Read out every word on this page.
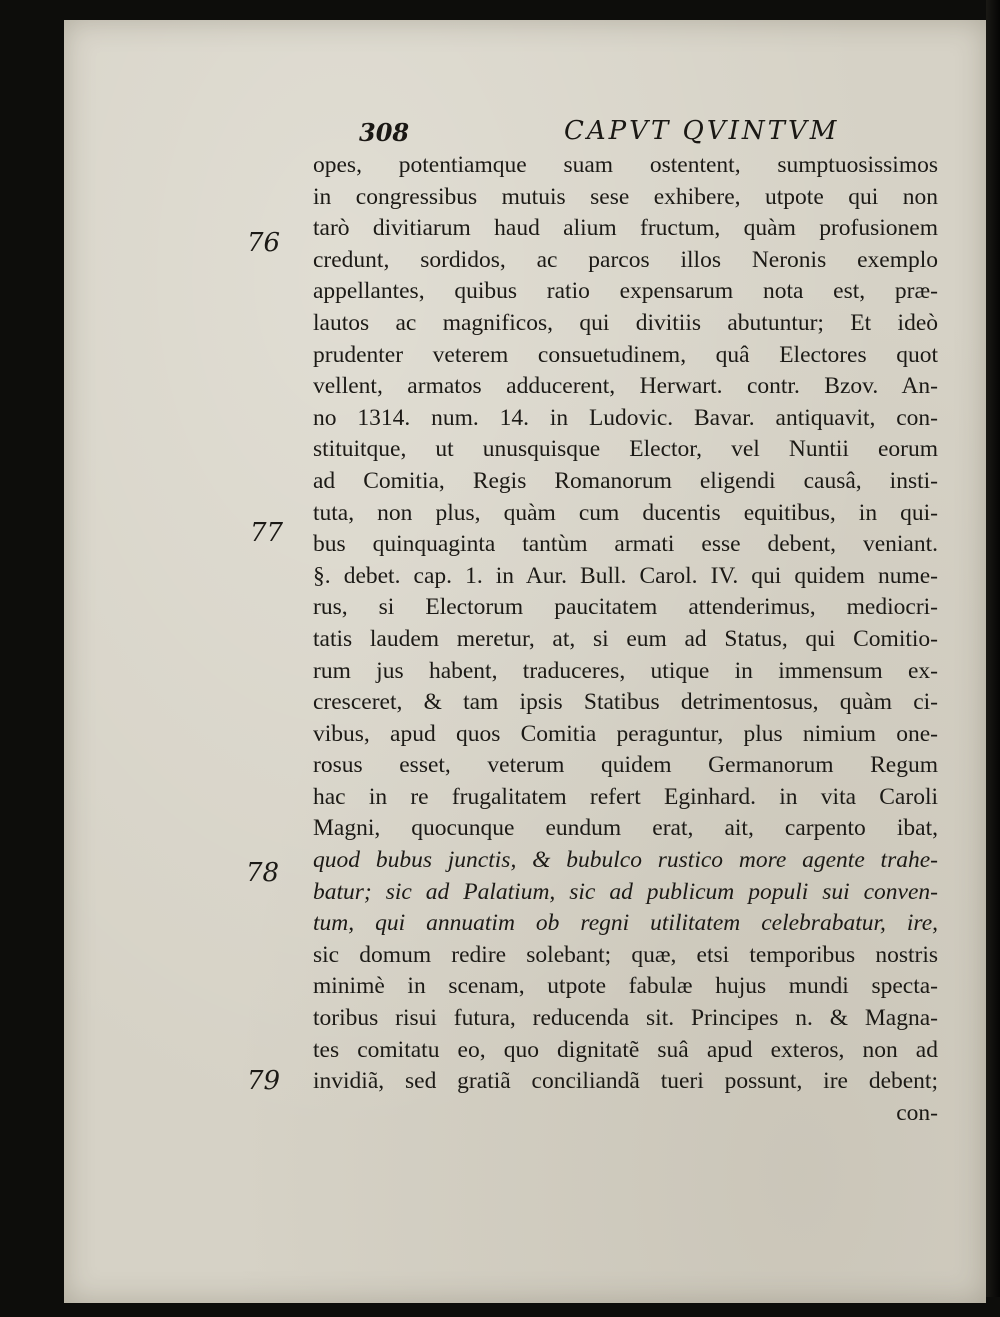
308	CAPVT QVINTVM
76
77
78
79
opes, potentiamque suam ostentent, sumptuosissimos
in congressibus mutuis sese exhibere, utpote qui non
tarò divitiarum haud alium fructum, quàm profusionem
credunt, sordidos, ac parcos illos Neronis exemplo
appellantes, quibus ratio expensarum nota est, præ-
lautos ac magnificos, qui divitiis abutuntur; Et ideò
prudenter veterem consuetudinem, quâ Electores quot
vellent, armatos adducerent, Herwart. contr. Bzov. An-
no 1314. num. 14. in Ludovic. Bavar. antiquavit, con-
stituitque, ut unusquisque Elector, vel Nuntii eorum
ad Comitia, Regis Romanorum eligendi causâ, insti-
tuta, non plus, quàm cum ducentis equitibus, in qui-
bus quinquaginta tantùm armati esse debent, veniant.
§. debet. cap. 1. in Aur. Bull. Carol. IV. qui quidem nume-
rus, si Electorum paucitatem attenderimus, mediocri-
tatis laudem meretur, at, si eum ad Status, qui Comitio-
rum jus habent, traduceres, utique in immensum ex-
cresceret, & tam ipsis Statibus detrimentosus, quàm ci-
vibus, apud quos Comitia peraguntur, plus nimium one-
rosus esset, veterum quidem Germanorum Regum
hac in re frugalitatem refert Eginhard. in vita Caroli
Magni, quocunque eundum erat, ait, carpento ibat,
quod bubus junctis, & bubulco rustico more agente trahe-
batur; sic ad Palatium, sic ad publicum populi sui conven-
tum, qui annuatim ob regni utilitatem celebrabatur, ire,
sic domum redire solebant; quæ, etsi temporibus nostris
minimè in scenam, utpote fabulæ hujus mundi specta-
toribus risui futura, reducenda sit. Principes n. & Magna-
tes comitatu eo, quo dignitatẽ suâ apud exteros, non ad
invidiã, sed gratiã conciliandã tueri possunt, ire debent;
con-
